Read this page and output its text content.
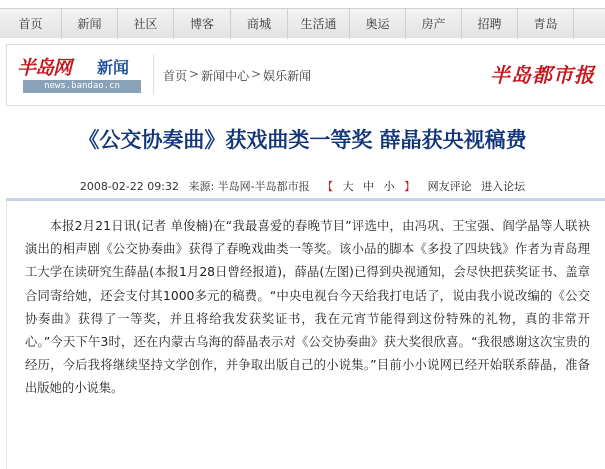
首页	新闻	社区	博客	商城	生活通	奥运	房产	招聘	青岛
半岛网 新闻
news.bandao.cn
首页 > 新闻中心 > 娱乐新闻	半岛都市报
《公交协奏曲》获戏曲类一等奖 薛晶获央视稿费
2008-02-22 09:32 来源: 半岛网-半岛都市报 【 大 中 小 】 网友评论 进入论坛

本报2月21日讯(记者 单俊楠)在“我最喜爱的春晚节目”评选中，由冯巩、王宝强、阎学晶等人联袂演出的相声剧《公交协奏曲》获得了春晚戏曲类一等奖。该小品的脚本《多投了四块钱》作者为青岛理工大学在读研究生薛晶(本报1月28日曾经报道)，薛晶(左图)已得到央视通知，会尽快把获奖证书、盖章合同寄给她，还会支付其1000多元的稿费。“中央电视台今天给我打电话了，说由我小说改编的《公交协奏曲》获得了一等奖，并且将给我发获奖证书，我在元宵节能得到这份特殊的礼物，真的非常开心。”今天下午3时，还在内蒙古乌海的薛晶表示对《公交协奏曲》获大奖很欣喜。“我很感谢这次宝贵的经历，今后我将继续坚持文学创作，并争取出版自己的小说集。”目前小小说网已经开始联系薛晶，准备出版她的小说集。
